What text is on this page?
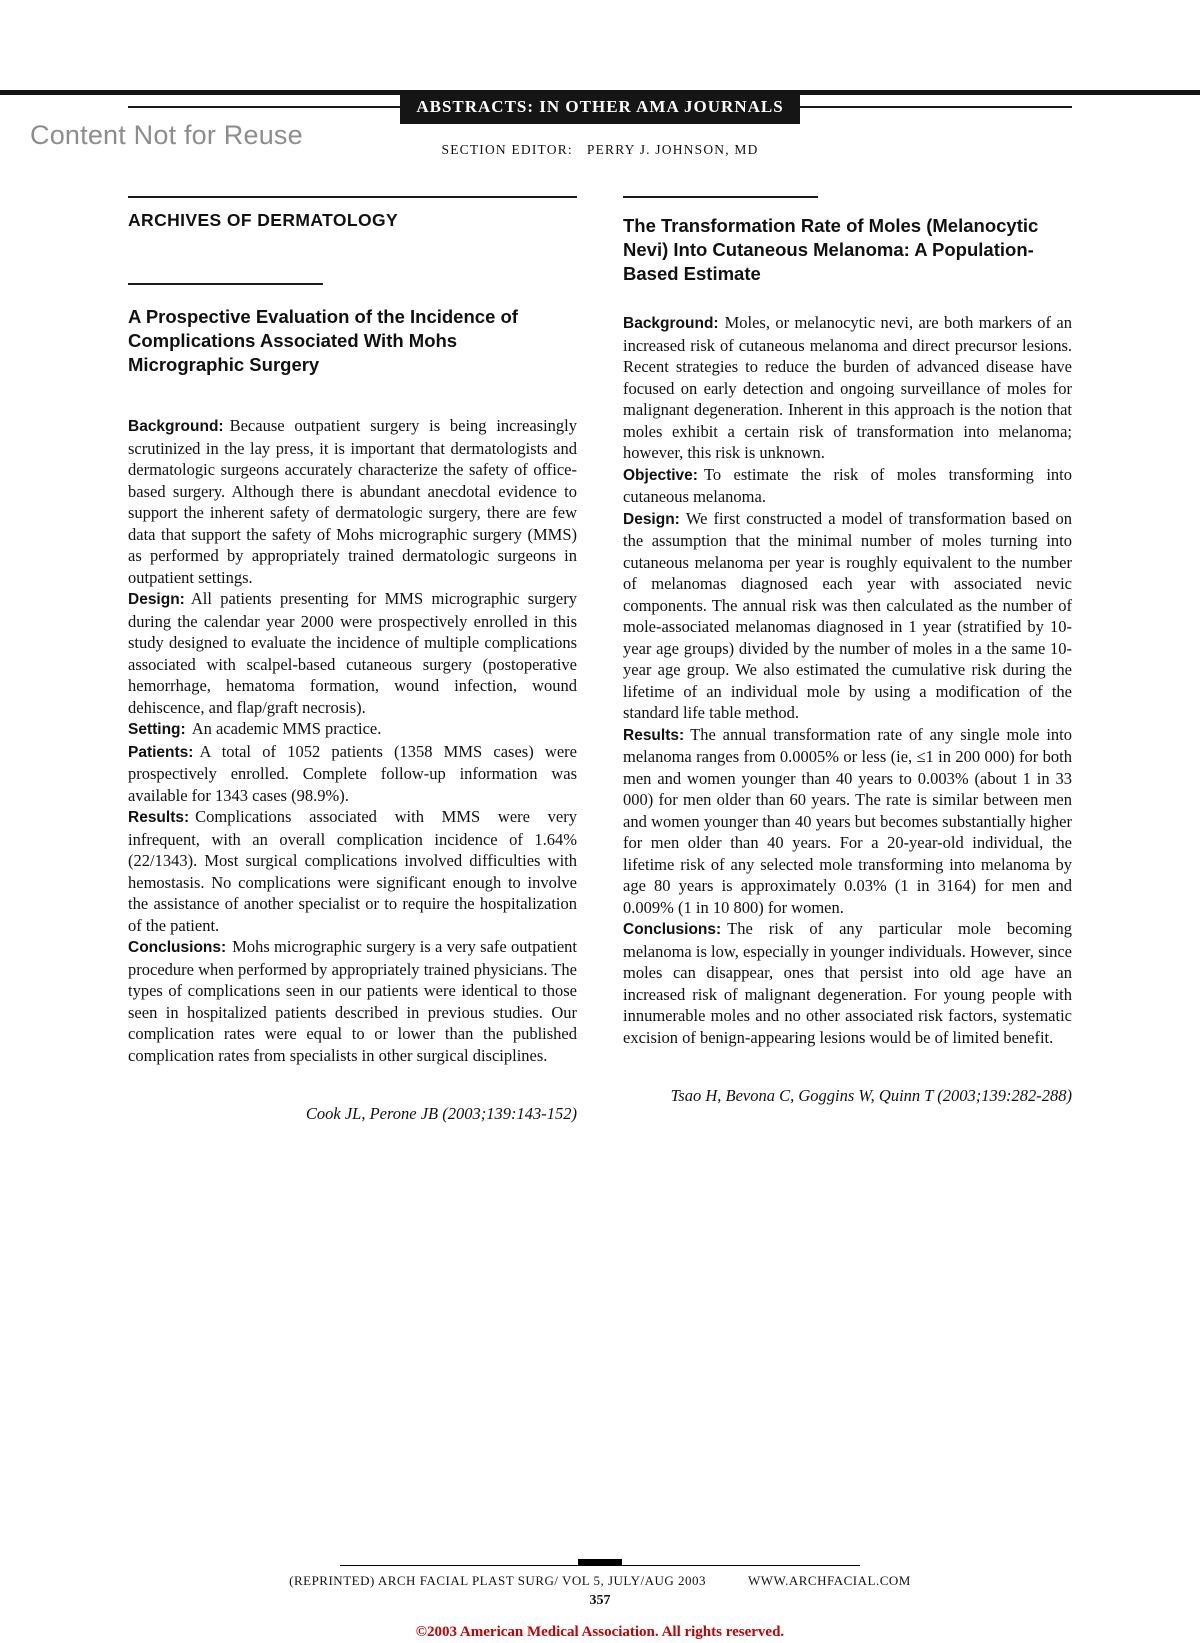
Content Not for Reuse
ABSTRACTS: IN OTHER AMA JOURNALS
SECTION EDITOR: PERRY J. JOHNSON, MD
ARCHIVES OF DERMATOLOGY
A Prospective Evaluation of the Incidence of Complications Associated With Mohs Micrographic Surgery

Background: Because outpatient surgery is being increasingly scrutinized in the lay press, it is important that dermatologists and dermatologic surgeons accurately characterize the safety of office-based surgery. Although there is abundant anecdotal evidence to support the inherent safety of dermatologic surgery, there are few data that support the safety of Mohs micrographic surgery (MMS) as performed by appropriately trained dermatologic surgeons in outpatient settings.

Design: All patients presenting for MMS micrographic surgery during the calendar year 2000 were prospectively enrolled in this study designed to evaluate the incidence of multiple complications associated with scalpel-based cutaneous surgery (postoperative hemorrhage, hematoma formation, wound infection, wound dehiscence, and flap/graft necrosis).

Setting: An academic MMS practice.

Patients: A total of 1052 patients (1358 MMS cases) were prospectively enrolled. Complete follow-up information was available for 1343 cases (98.9%).

Results: Complications associated with MMS were very infrequent, with an overall complication incidence of 1.64% (22/1343). Most surgical complications involved difficulties with hemostasis. No complications were significant enough to involve the assistance of another specialist or to require the hospitalization of the patient.

Conclusions: Mohs micrographic surgery is a very safe outpatient procedure when performed by appropriately trained physicians. The types of complications seen in our patients were identical to those seen in hospitalized patients described in previous studies. Our complication rates were equal to or lower than the published complication rates from specialists in other surgical disciplines.

Cook JL, Perone JB (2003;139:143-152)

The Transformation Rate of Moles (Melanocytic Nevi) Into Cutaneous Melanoma: A Population-Based Estimate

Background: Moles, or melanocytic nevi, are both markers of an increased risk of cutaneous melanoma and direct precursor lesions. Recent strategies to reduce the burden of advanced disease have focused on early detection and ongoing surveillance of moles for malignant degeneration. Inherent in this approach is the notion that moles exhibit a certain risk of transformation into melanoma; however, this risk is unknown.

Objective: To estimate the risk of moles transforming into cutaneous melanoma.

Design: We first constructed a model of transformation based on the assumption that the minimal number of moles turning into cutaneous melanoma per year is roughly equivalent to the number of melanomas diagnosed each year with associated nevic components. The annual risk was then calculated as the number of mole-associated melanomas diagnosed in 1 year (stratified by 10-year age groups) divided by the number of moles in a the same 10-year age group. We also estimated the cumulative risk during the lifetime of an individual mole by using a modification of the standard life table method.

Results: The annual transformation rate of any single mole into melanoma ranges from 0.0005% or less (ie, ≤1 in 200 000) for both men and women younger than 40 years to 0.003% (about 1 in 33 000) for men older than 60 years. The rate is similar between men and women younger than 40 years but becomes substantially higher for men older than 40 years. For a 20-year-old individual, the lifetime risk of any selected mole transforming into melanoma by age 80 years is approximately 0.03% (1 in 3164) for men and 0.009% (1 in 10 800) for women.

Conclusions: The risk of any particular mole becoming melanoma is low, especially in younger individuals. However, since moles can disappear, ones that persist into old age have an increased risk of malignant degeneration. For young people with innumerable moles and no other associated risk factors, systematic excision of benign-appearing lesions would be of limited benefit.

Tsao H, Bevona C, Goggins W, Quinn T (2003;139:282-288)

(REPRINTED) ARCH FACIAL PLAST SURG/ VOL 5, JULY/AUG 2003	WWW.ARCHFACIAL.COM
357
©2003 American Medical Association. All rights reserved.
